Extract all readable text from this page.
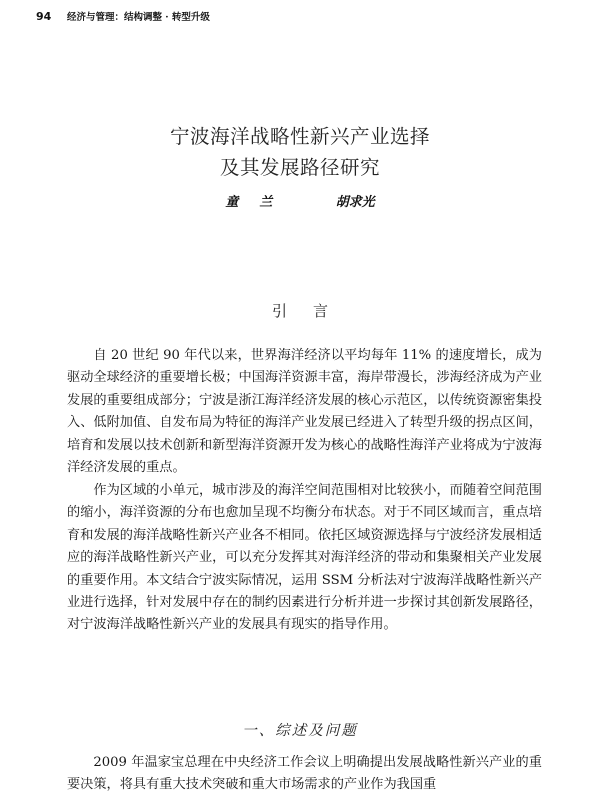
94 经济与管理：结构调整 · 转型升级
宁波海洋战略性新兴产业选择
及其发展路径研究
童  兰	胡求光
引言

自 20 世纪 90 年代以来，世界海洋经济以平均每年 11% 的速度增长，成为驱动全球经济的重要增长极；中国海洋资源丰富，海岸带漫长，涉海经济成为产业发展的重要组成部分；宁波是浙江海洋经济发展的核心示范区，以传统资源密集投入、低附加值、自发布局为特征的海洋产业发展已经进入了转型升级的拐点区间，培育和发展以技术创新和新型海洋资源开发为核心的战略性海洋产业将成为宁波海洋经济发展的重点。

作为区域的小单元，城市涉及的海洋空间范围相对比较狭小，而随着空间范围的缩小，海洋资源的分布也愈加呈现不均衡分布状态。对于不同区域而言，重点培育和发展的海洋战略性新兴产业各不相同。依托区域资源选择与宁波经济发展相适应的海洋战略性新兴产业，可以充分发挥其对海洋经济的带动和集聚相关产业发展的重要作用。本文结合宁波实际情况，运用 SSM 分析法对宁波海洋战略性新兴产业进行选择，针对发展中存在的制约因素进行分析并进一步探讨其创新发展路径，对宁波海洋战略性新兴产业的发展具有现实的指导作用。

一、综述及问题

2009 年温家宝总理在中央经济工作会议上明确提出发展战略性新兴产业的重要决策，将具有重大技术突破和重大市场需求的产业作为我国重
